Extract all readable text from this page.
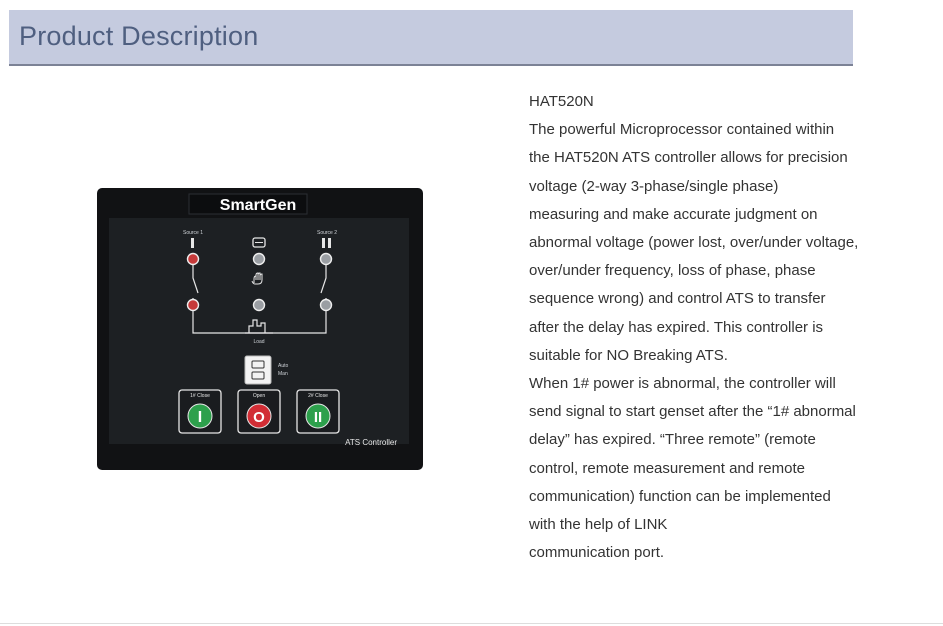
Product Description
SmartGen
Source 1	Source 2
Load
Auto
Man
1# Close
I
Open
O
2# Close
II
ATS Controller

HAT520N

The powerful Microprocessor contained within the HAT520N ATS controller allows for precision voltage (2-way 3-phase/single phase)

measuring and make accurate judgment on abnormal voltage (power lost, over/under voltage, over/under frequency, loss of phase, phase sequence wrong) and control ATS to transfer after the delay has expired. This controller is suitable for NO Breaking ATS.

When 1# power is abnormal, the controller will send signal to start genset after the “1# abnormal delay” has expired. “Three remote” (remote control, remote measurement and remote communication) function can be implemented with the help of LINK

communication port.
